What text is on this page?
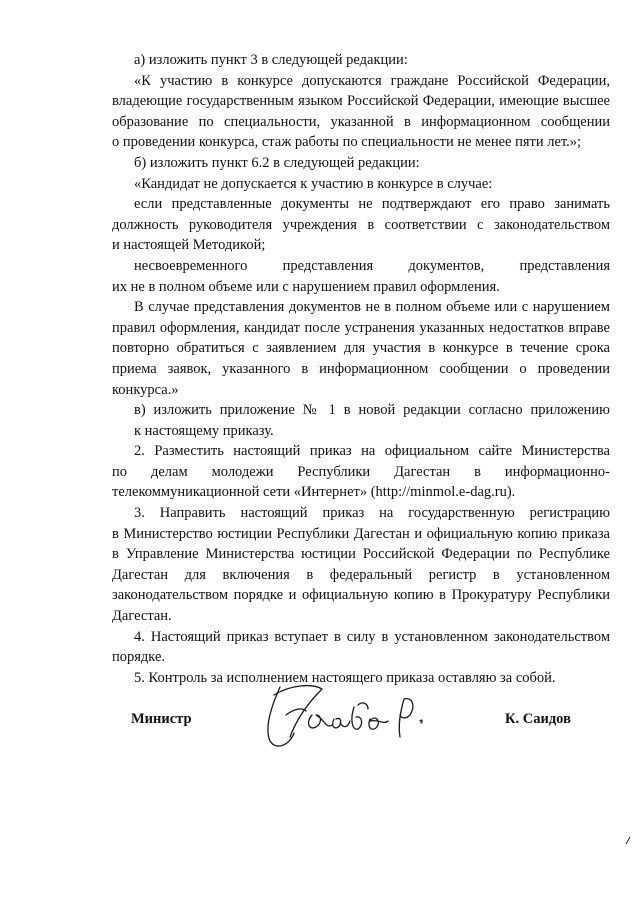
а) изложить пункт 3 в следующей редакции:
«К участию в конкурсе допускаются граждане Российской Федерации,
владеющие государственным языком Российской Федерации, имеющие высшее
образование по специальности, указанной в информационном сообщении
о проведении конкурса, стаж работы по специальности не менее пяти лет.»;
б) изложить пункт 6.2 в следующей редакции:
«Кандидат не допускается к участию в конкурсе в случае:
если представленные документы не подтверждают его право занимать
должность руководителя учреждения в соответствии с законодательством
и настоящей Методикой;
несвоевременного представления документов, представления
их не в полном объеме или с нарушением правил оформления.
В случае представления документов не в полном объеме или с нарушением
правил оформления, кандидат после устранения указанных недостатков вправе
повторно обратиться с заявлением для участия в конкурсе в течение срока
приема заявок, указанного в информационном сообщении о проведении
конкурса.»
в) изложить приложение № 1 в новой редакции согласно приложению
к настоящему приказу.
2. Разместить настоящий приказ на официальном сайте Министерства
по делам молодежи Республики Дагестан в информационно-
телекоммуникационной сети «Интернет» (http://minmol.e-dag.ru).
3. Направить настоящий приказ на государственную регистрацию
в Министерство юстиции Республики Дагестан и официальную копию приказа
в Управление Министерства юстиции Российской Федерации по Республике
Дагестан для включения в федеральный регистр в установленном
законодательством порядке и официальную копию в Прокуратуру Республики
Дагестан.
4. Настоящий приказ вступает в силу в установленном законодательством
порядке.
5. Контроль за исполнением настоящего приказа оставляю за собой.
Министр	К. Саидов
